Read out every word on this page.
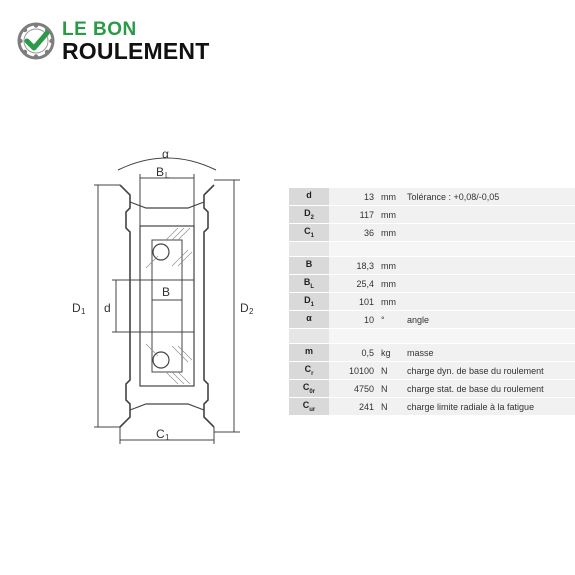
LE BON
ROULEMENT
α
B L
D 1 d
B
D 2
C 1
d	13	mm	Tolérance : +0,08/-0,05
$D_2$	117	mm	
$C_1$	36	mm	

B	18,3	mm	
$B_L$	25,4	mm	
$D_1$	101	mm	
α	10	°	angle

m	0,5	kg	masse
$C_r$	10100	N	charge dyn. de base du roulement
$C_{0r}$	4750	N	charge stat. de base du roulement
$C_{ur}$	241	N	charge limite radiale à la fatigue
